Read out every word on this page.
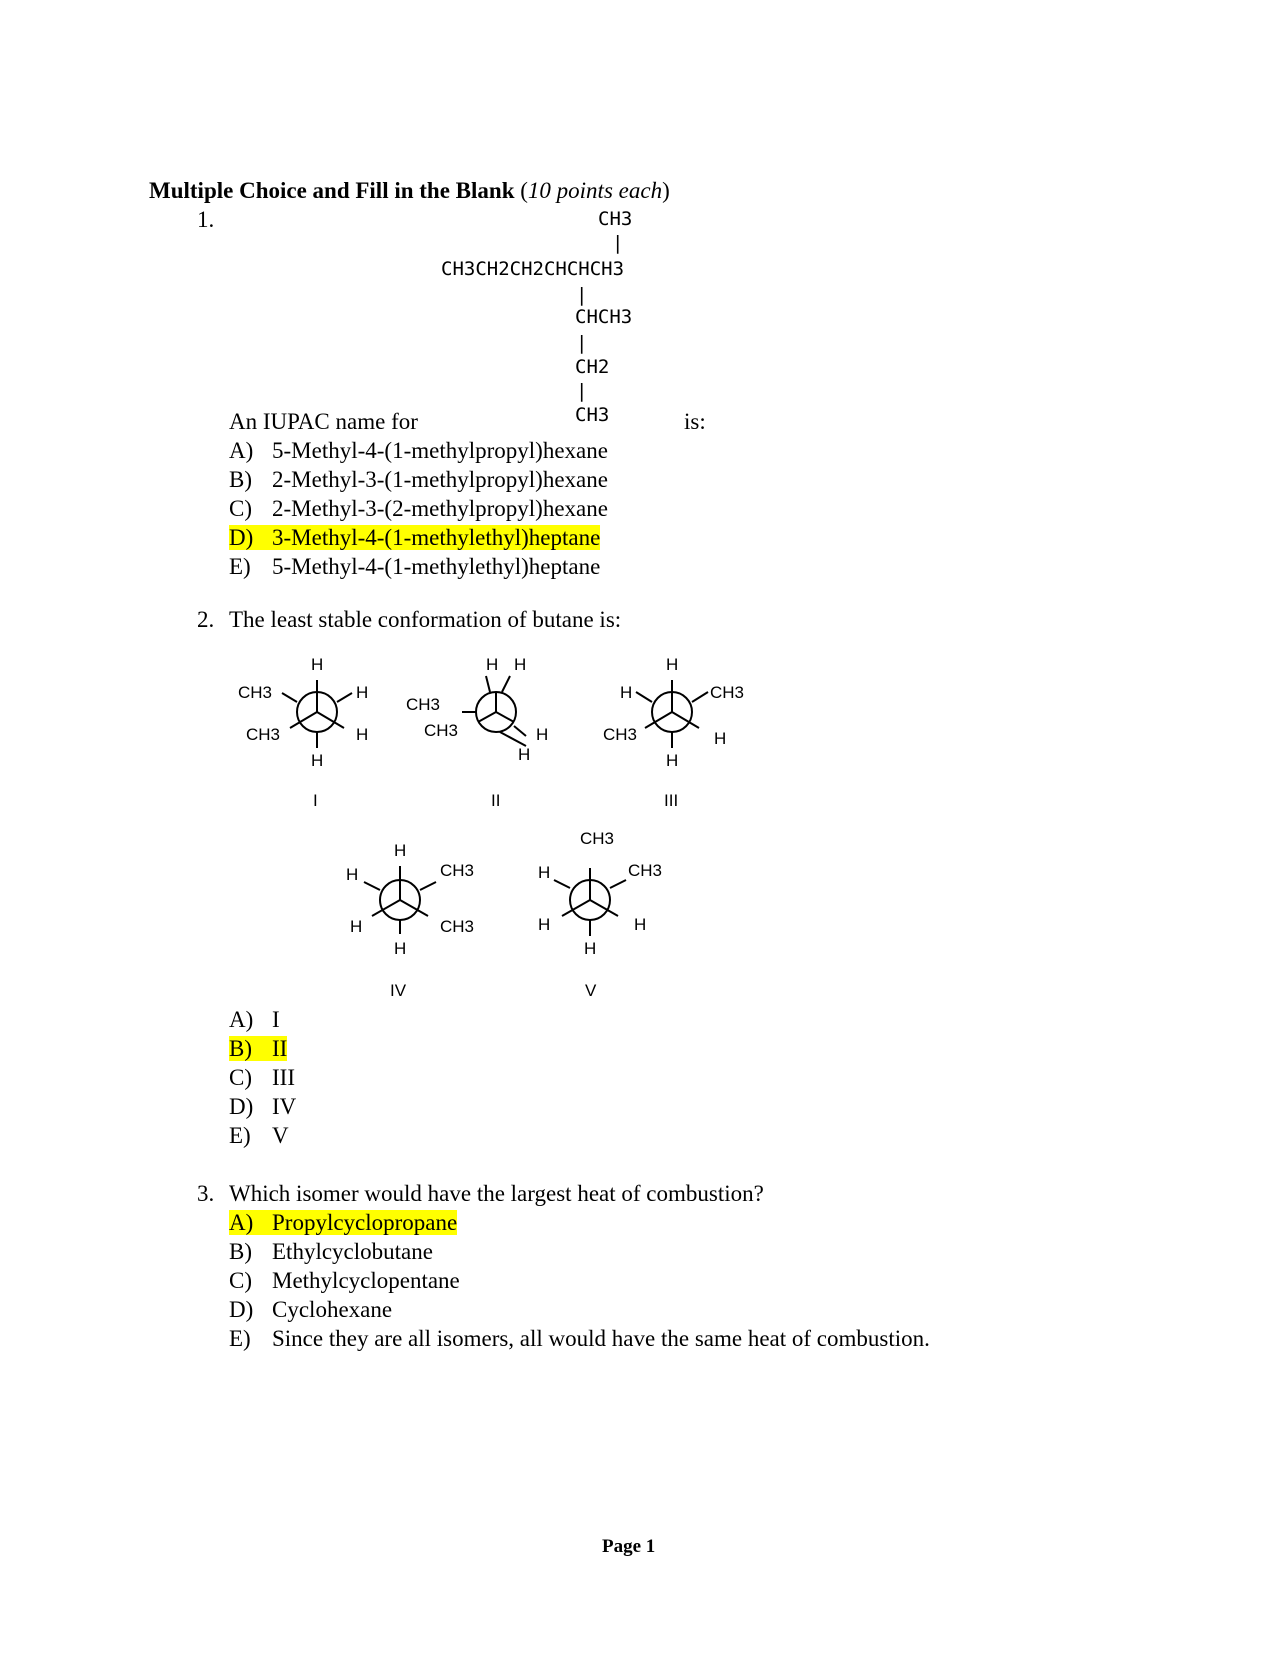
Multiple Choice and Fill in the Blank (10 points each)
1.	CH3
|
CH3CH2CH2CHCHCH3
|
CHCH3
|
CH2
|
CH3
An IUPAC name for	is:
A) 5-Methyl-4-(1-methylpropyl)hexane
B) 2-Methyl-3-(1-methylpropyl)hexane
C) 2-Methyl-3-(2-methylpropyl)hexane
D) 3-Methyl-4-(1-methylethyl)heptane
E) 5-Methyl-4-(1-methylethyl)heptane
2. The least stable conformation of butane is:
H
CH3	H
CH3	H
H
I
H H
CH3
CH3	H
H
II
H
H	CH3
CH3	H
H
III
H
H	CH3
H	CH3
H
IV
CH3
H	CH3
H	H
H
V
A) I
B) II
C) III
D) IV
E) V
3. Which isomer would have the largest heat of combustion?
A) Propylcyclopropane
B) Ethylcyclobutane
C) Methylcyclopentane
D) Cyclohexane
E) Since they are all isomers, all would have the same heat of combustion.
Page 1
